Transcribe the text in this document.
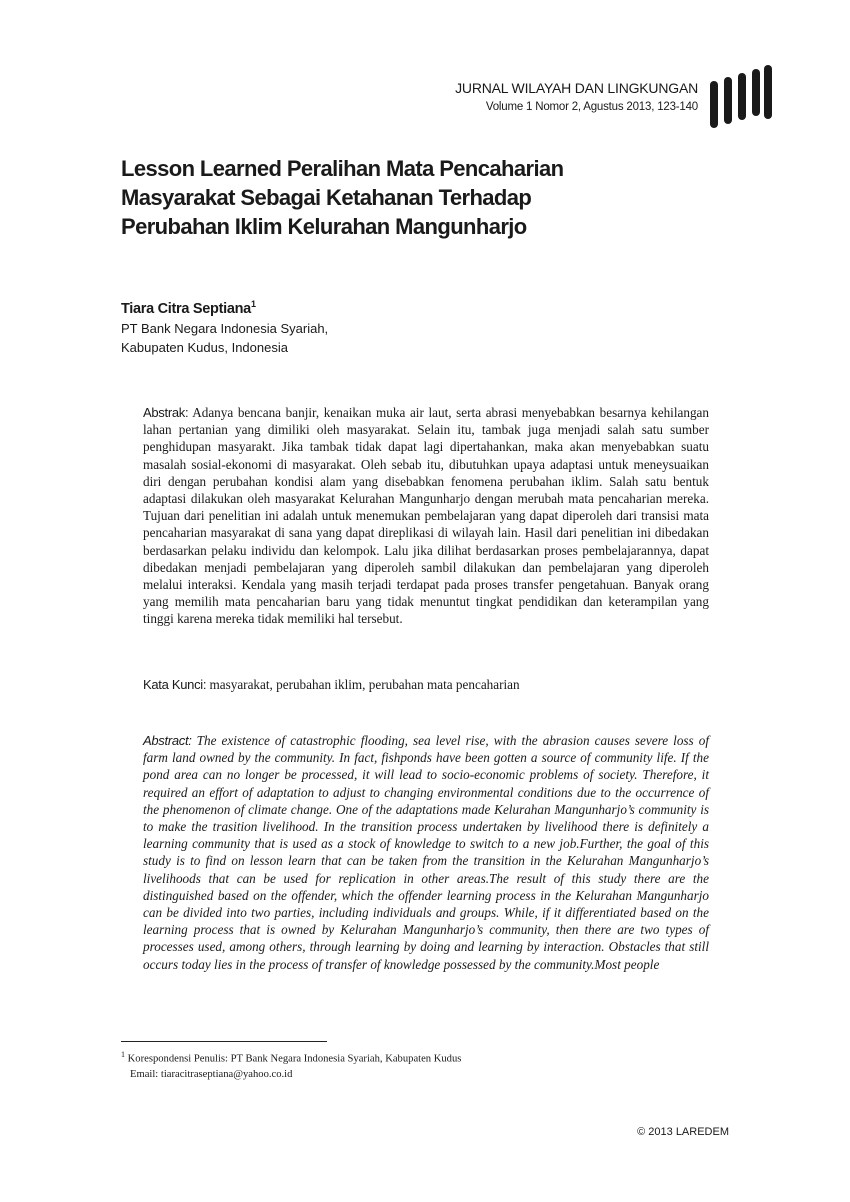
JURNAL WILAYAH DAN LINGKUNGAN
Volume 1 Nomor 2, Agustus 2013, 123-140
Lesson Learned Peralihan Mata Pencaharian
Masyarakat Sebagai Ketahanan Terhadap
Perubahan Iklim Kelurahan Mangunharjo
Tiara Citra Septiana$^1$
PT Bank Negara Indonesia Syariah,
Kabupaten Kudus, Indonesia

Abstrak: Adanya bencana banjir, kenaikan muka air laut, serta abrasi menyebabkan besarnya kehilangan lahan pertanian yang dimiliki oleh masyarakat. Selain itu, tambak juga menjadi salah satu sumber penghidupan masyarakt. Jika tambak tidak dapat lagi dipertahankan, maka akan menyebabkan suatu masalah sosial-ekonomi di masyarakat. Oleh sebab itu, dibutuhkan upaya adaptasi untuk meneysuaikan diri dengan perubahan kondisi alam yang disebabkan fenomena perubahan iklim. Salah satu bentuk adaptasi dilakukan oleh masyarakat Kelurahan Mangunharjo dengan merubah mata pencaharian mereka. Tujuan dari penelitian ini adalah untuk menemukan pembelajaran yang dapat diperoleh dari transisi mata pencaharian masyarakat di sana yang dapat direplikasi di wilayah lain. Hasil dari penelitian ini dibedakan berdasarkan pelaku individu dan kelompok. Lalu jika dilihat berdasarkan proses pembelajarannya, dapat dibedakan menjadi pembelajaran yang diperoleh sambil dilakukan dan pembelajaran yang diperoleh melalui interaksi. Kendala yang masih terjadi terdapat pada proses transfer pengetahuan. Banyak orang yang memilih mata pencaharian baru yang tidak menuntut tingkat pendidikan dan keterampilan yang tinggi karena mereka tidak memiliki hal tersebut.

Kata Kunci: masyarakat, perubahan iklim, perubahan mata pencaharian

Abstract: The existence of catastrophic flooding, sea level rise, with the abrasion causes severe loss of farm land owned by the community. In fact, fishponds have been gotten a source of community life. If the pond area can no longer be processed, it will lead to socio-economic problems of society. Therefore, it required an effort of adaptation to adjust to changing environmental conditions due to the occurrence of the phenomenon of climate change. One of the adaptations made Kelurahan Mangunharjo’s community is to make the trasition livelihood. In the transition process undertaken by livelihood there is definitely a learning community that is used as a stock of knowledge to switch to a new job.Further, the goal of this study is to find on lesson learn that can be taken from the transition in the Kelurahan Mangunharjo’s livelihoods that can be used for replication in other areas.The result of this study there are the distinguished based on the offender, which the offender learning process in the Kelurahan Mangunharjo can be divided into two parties, including individuals and groups. While, if it differentiated based on the learning process that is owned by Kelurahan Mangunharjo’s community, then there are two types of processes used, among others, through learning by doing and learning by interaction. Obstacles that still occurs today lies in the process of transfer of knowledge possessed by the community.Most people

$^1$ Korespondensi Penulis: PT Bank Negara Indonesia Syariah, Kabupaten Kudus
Email: tiaracitraseptiana@yahoo.co.id
© 2013 LAREDEM
